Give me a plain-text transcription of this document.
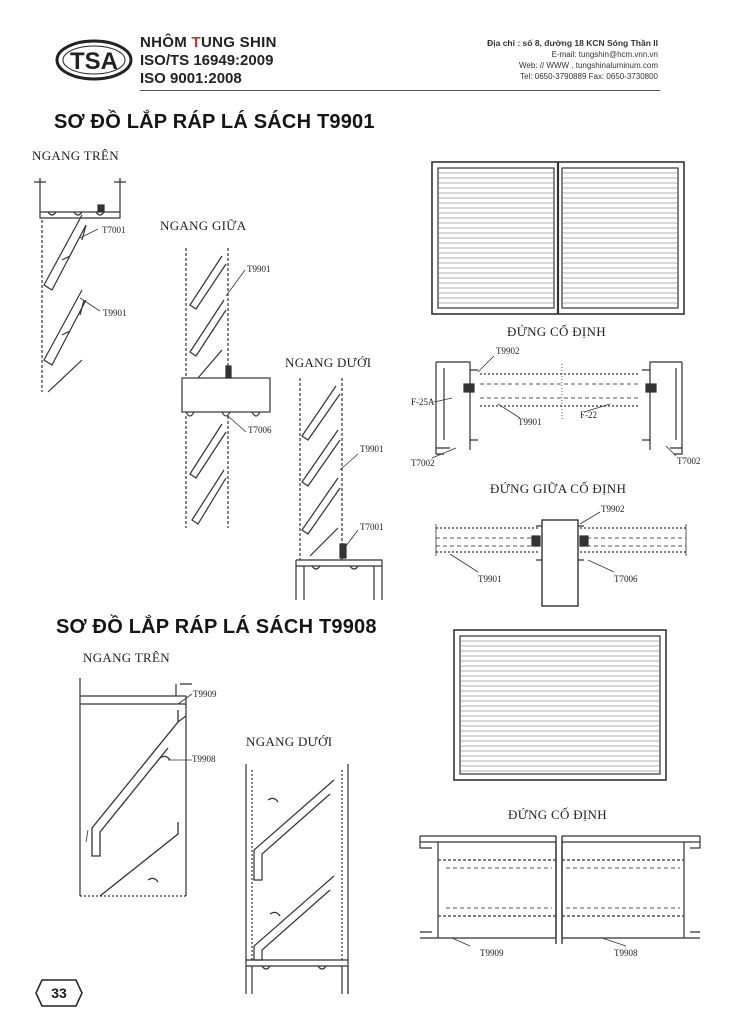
TSA
NHÔM TUNG SHIN
ISO/TS 16949:2009
ISO 9001:2008
Địa chỉ : số 8, đường 18 KCN Sóng Thần II
E-mail: tungshin@hcm.vnn.vn
Web: // WWW . tungshinaluminum.com
Tel: 0650-3790889 Fax: 0650-3730800
SƠ ĐỒ LẮP RÁP LÁ SÁCH T9901
SƠ ĐỒ LẮP RÁP LÁ SÁCH T9908
NGANG TRÊN
NGANG GIỮA
NGANG DƯỚI
ĐỨNG CỐ ĐỊNH
ĐỨNG GIỮA CỐ ĐỊNH
T7001
T9901
T9901
T7006
T9901
T7001
T9902
F-25A
T9901
F-22
T7002	T7002
T9902
T9901	T7006
NGANG TRÊN
NGANG DƯỚI
ĐỨNG CỐ ĐỊNH
T9909
T9908
T9909	T9908
33
